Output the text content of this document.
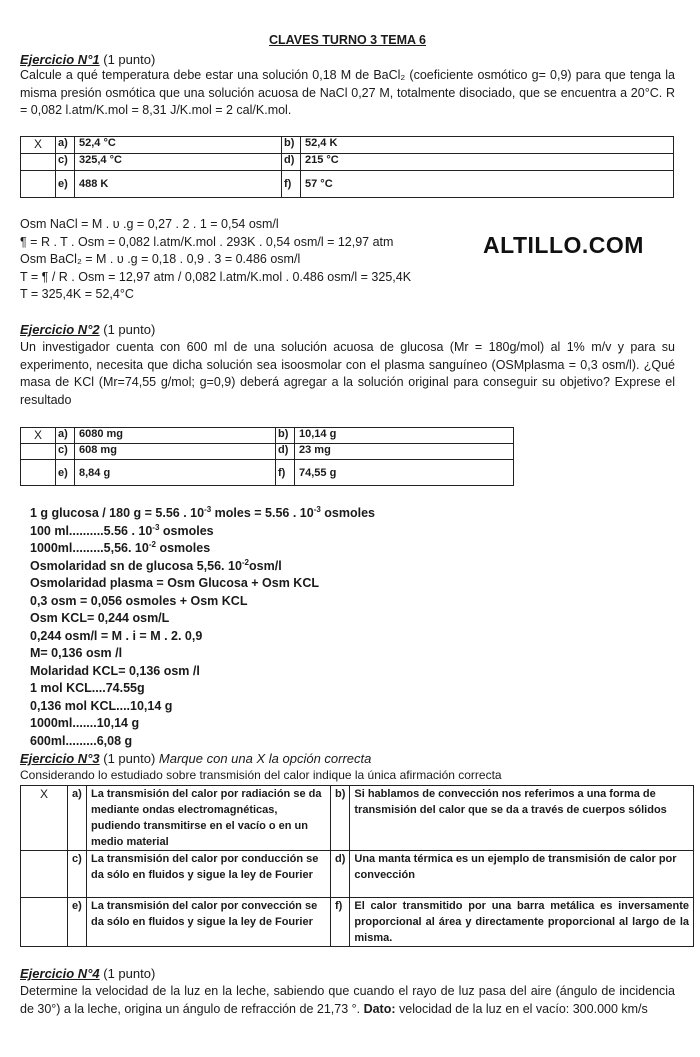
CLAVES TURNO 3 TEMA 6
Ejercicio N°1 (1 punto)
Calcule a qué temperatura debe estar una solución 0,18 M de BaCl₂ (coeficiente osmótico g= 0,9) para que tenga la misma presión osmótica que una solución acuosa de NaCl 0,27 M, totalmente disociado, que se encuentra a 20°C. R = 0,082 l.atm/K.mol = 8,31 J/K.mol = 2 cal/K.mol.
X	a)	52,4 °C	b)	52,4 K
	c)	325,4 °C	d)	215 °C
	e)	488 K	f)	57 °C
Osm NaCl = M . υ .g = 0,27 . 2 . 1 = 0,54 osm/l
¶ = R . T . Osm = 0,082 l.atm/K.mol . 293K . 0,54 osm/l = 12,97 atm
Osm BaCl₂ = M . υ .g = 0,18 . 0,9 . 3 = 0.486 osm/l
T = ¶ / R . Osm = 12,97 atm / 0,082 l.atm/K.mol . 0.486 osm/l = 325,4K
T = 325,4K = 52,4°C
ALTILLO.COM
Ejercicio N°2 (1 punto)
Un investigador cuenta con 600 ml de una solución acuosa de glucosa (Mr = 180g/mol) al 1% m/v y para su experimento, necesita que dicha solución sea isoosmolar con el plasma sanguíneo (OSMplasma = 0,3 osm/l). ¿Qué masa de KCl (Mr=74,55 g/mol; g=0,9) deberá agregar a la solución original para conseguir su objetivo? Exprese el resultado
X	a)	6080 mg	b)	10,14 g
	c)	608 mg	d)	23 mg
	e)	8,84 g	f)	74,55 g
1 g glucosa / 180 g = 5.56 . $10^{-3}$ moles = 5.56 . $10^{-3}$ osmoles
100 ml..........5.56 . $10^{-3}$ osmoles
1000ml.........5,56. $10^{-2}$ osmoles
Osmolaridad sn de glucosa 5,56. $10^{-2}osm/l$
Osmolaridad plasma = Osm Glucosa + Osm KCL
0,3 osm = 0,056 osmoles + Osm KCL
Osm KCL= 0,244 osm/L
0,244 osm/l = M . i = M . 2. 0,9
M= 0,136 osm /l
Molaridad KCL= 0,136 osm /l
1 mol KCL....74.55g
0,136 mol KCL....10,14 g
1000ml.......10,14 g
600ml.........6,08 g
Ejercicio N°3 (1 punto) Marque con una X la opción correcta
Considerando lo estudiado sobre transmisión del calor indique la única afirmación correcta
X	a)	La transmisión del calor por radiación se da mediante ondas electromagnéticas, pudiendo transmitirse en el vacío o en un medio material	b)	Si hablamos de convección nos referimos a una forma de transmisión del calor que se da a través de cuerpos sólidos
	c)	La transmisión del calor por conducción se da sólo en fluidos y sigue la ley de Fourier	d)	Una manta térmica es un ejemplo de transmisión de calor por convección
	e)	La transmisión del calor por convección se da sólo en fluidos y sigue la ley de Fourier	f)	El calor transmitido por una barra metálica es inversamente proporcional al área y directamente proporcional al largo de la misma.
Ejercicio N°4 (1 punto)
Determine la velocidad de la luz en la leche, sabiendo que cuando el rayo de luz pasa del aire (ángulo de incidencia de 30°) a la leche, origina un ángulo de refracción de 21,73 °. Dato: velocidad de la luz en el vacío: 300.000 km/s
